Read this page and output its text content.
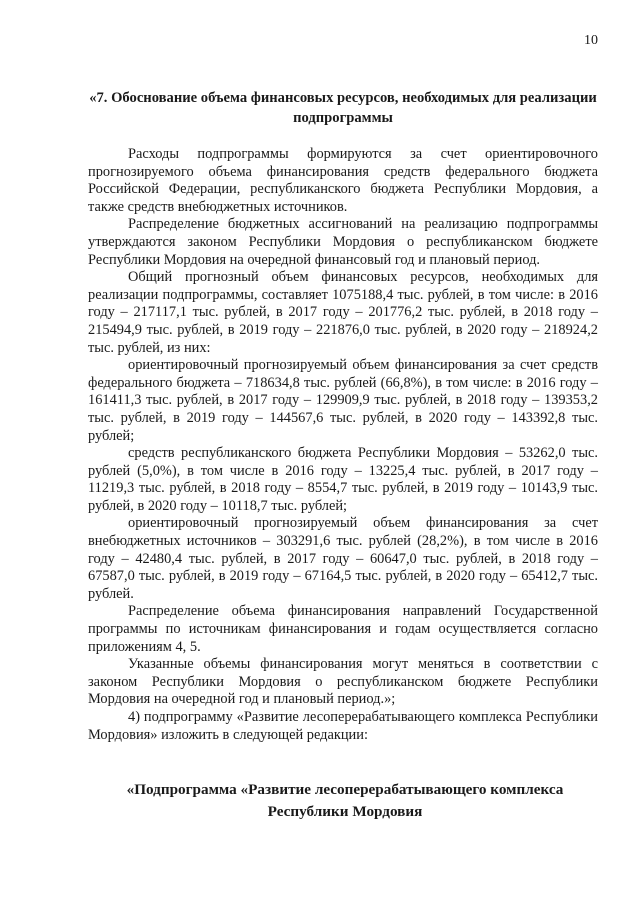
10
«7. Обоснование объема финансовых ресурсов, необходимых для реализации подпрограммы

Расходы подпрограммы формируются за счет ориентировочного прогнозируемого объема финансирования средств федерального бюджета Российской Федерации, республиканского бюджета Республики Мордовия, а также средств внебюджетных источников.

Распределение бюджетных ассигнований на реализацию подпрограммы утверждаются законом Республики Мордовия о республиканском бюджете Республики Мордовия на очередной финансовый год и плановый период.

Общий прогнозный объем финансовых ресурсов, необходимых для реализации подпрограммы, составляет 1075188,4 тыс. рублей, в том числе: в 2016 году – 217117,1 тыс. рублей, в 2017 году – 201776,2 тыс. рублей, в 2018 году – 215494,9 тыс. рублей, в 2019 году – 221876,0 тыс. рублей, в 2020 году – 218924,2 тыс. рублей, из них:

ориентировочный прогнозируемый объем финансирования за счет средств федерального бюджета – 718634,8 тыс. рублей (66,8%), в том числе: в 2016 году – 161411,3 тыс. рублей, в 2017 году – 129909,9 тыс. рублей, в 2018 году – 139353,2 тыс. рублей, в 2019 году – 144567,6 тыс. рублей, в 2020 году – 143392,8 тыс. рублей;

средств республиканского бюджета Республики Мордовия – 53262,0 тыс. рублей (5,0%), в том числе в 2016 году – 13225,4 тыс. рублей, в 2017 году – 11219,3 тыс. рублей, в 2018 году – 8554,7 тыс. рублей, в 2019 году – 10143,9 тыс. рублей, в 2020 году – 10118,7 тыс. рублей;

ориентировочный прогнозируемый объем финансирования за счет внебюджетных источников – 303291,6 тыс. рублей (28,2%), в том числе в 2016 году – 42480,4 тыс. рублей, в 2017 году – 60647,0 тыс. рублей, в 2018 году – 67587,0 тыс. рублей, в 2019 году – 67164,5 тыс. рублей, в 2020 году – 65412,7 тыс. рублей.

Распределение объема финансирования направлений Государственной программы по источникам финансирования и годам осуществляется согласно приложениям 4, 5.

Указанные объемы финансирования могут меняться в соответствии с законом Республики Мордовия о республиканском бюджете Республики Мордовия на очередной год и плановый период.»;

4) подпрограмму «Развитие лесоперерабатывающего комплекса Республики Мордовия» изложить в следующей редакции:

«Подпрограмма «Развитие лесоперерабатывающего комплекса Республики Мордовия
